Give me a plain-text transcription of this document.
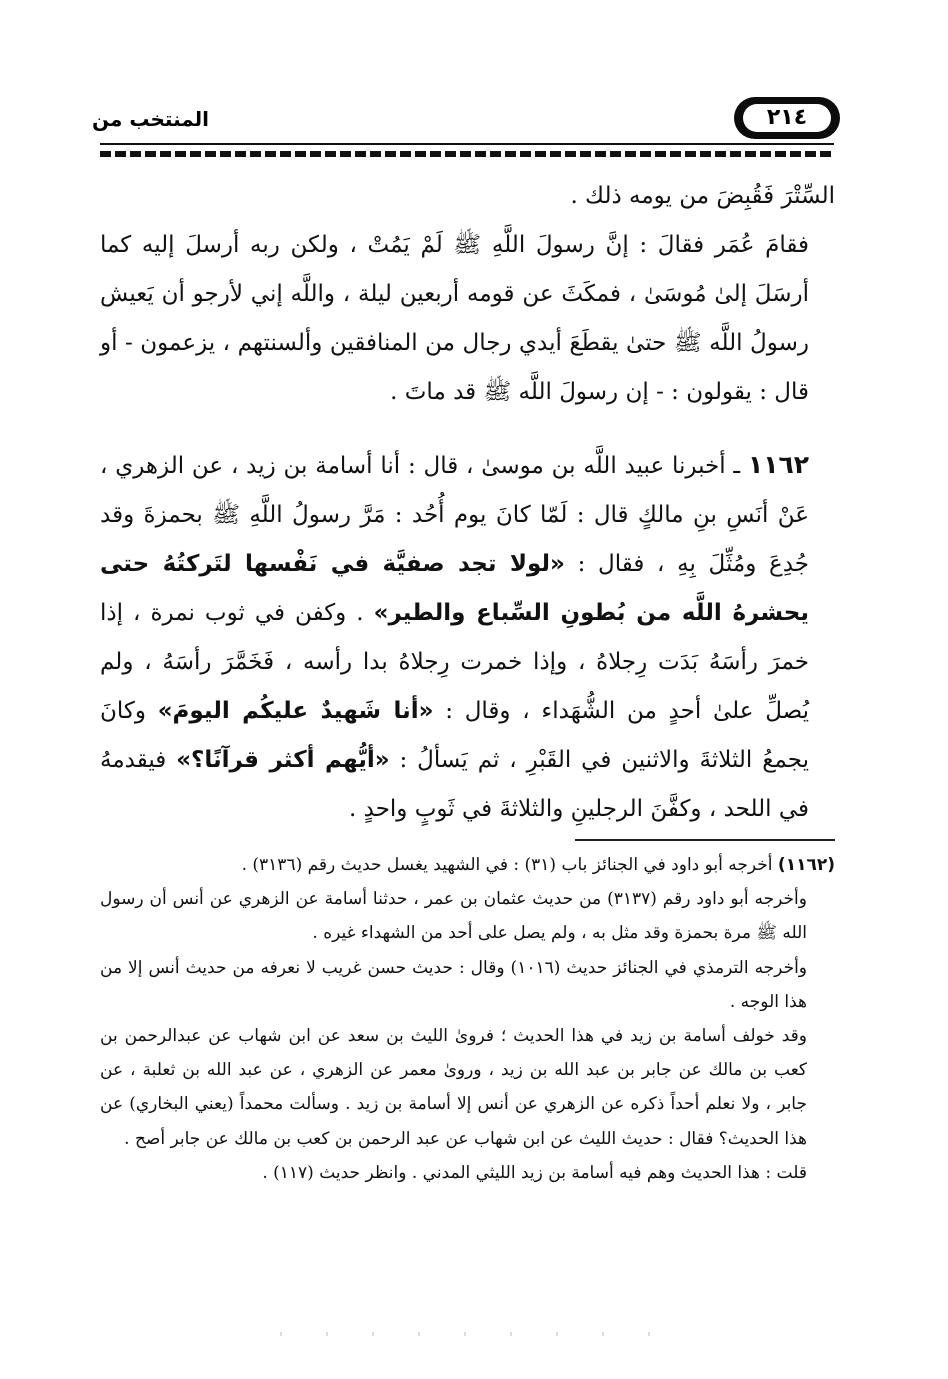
٢١٤
المنتخب من

السِّتْرَ فَقُبِضَ من يومه ذلك .

فقامَ عُمَر فقالَ : إنَّ رسولَ اللَّهِ ﷺ لَمْ يَمُتْ ، ولكن ربه أرسلَ إليه كما أرسَلَ إلىٰ مُوسَىٰ ، فمكَثَ عن قومه أربعين ليلة ، واللَّه إني لأرجو أن يَعيش رسولُ اللَّه ﷺ حتىٰ يقطَعَ أيدي رجال من المنافقين وألسنتهم ، يزعمون - أو قال : يقولون : - إن رسولَ اللَّه ﷺ قد ماتَ .

١١٦٢ ـ أخبرنا عبيد اللَّه بن موسىٰ ، قال : أنا أسامة بن زيد ، عن الزهري ، عَنْ أنَسِ بنِ مالكٍ قال : لَمّا كانَ يوم أُحُد : مَرَّ رسولُ اللَّهِ ﷺ بحمزةَ وقد جُدِعَ ومُثِّلَ بِهِ ، فقال : «لولا تجد صفيَّة في نَفْسها لتَركتُهُ حتى يحشرهُ اللَّه من بُطونِ السِّباع والطير» . وكفن في ثوب نمرة ، إذا خمرَ رأسَهُ بَدَت رِجلاهُ ، وإذا خمرت رِجلاهُ بدا رأسه ، فَخَمَّرَ رأسَهُ ، ولم يُصلِّ علىٰ أحدٍ من الشُّهَداء ، وقال : «أنا شَهيدٌ عليكُم اليومَ» وكانَ يجمعُ الثلاثةَ والاثنين في القَبْرِ ، ثم يَسألُ : «أيُّهم أكثر قرآنًا؟» فيقدمهُ في اللحد ، وكفَّنَ الرجلينِ والثلاثةَ في ثَوبٍ واحدٍ .

(١١٦٢) أخرجه أبو داود في الجنائز باب (٣١) : في الشهيد يغسل حديث رقم (٣١٣٦) .

وأخرجه أبو داود رقم (٣١٣٧) من حديث عثمان بن عمر ، حدثنا أسامة عن الزهري عن أنس أن رسول الله ﷺ مرة بحمزة وقد مثل به ، ولم يصل على أحد من الشهداء غيره .

وأخرجه الترمذي في الجنائز حديث (١٠١٦) وقال : حديث حسن غريب لا نعرفه من حديث أنس إلا من هذا الوجه .

وقد خولف أسامة بن زيد في هذا الحديث ؛ فروىٰ الليث بن سعد عن ابن شهاب عن عبدالرحمن بن كعب بن مالك عن جابر بن عبد الله بن زيد ، وروىٰ معمر عن الزهري ، عن عبد الله بن ثعلبة ، عن جابر ، ولا نعلم أحداً ذكره عن الزهري عن أنس إلا أسامة بن زيد . وسألت محمداً (يعني البخاري) عن هذا الحديث؟ فقال : حديث الليث عن ابن شهاب عن عبد الرحمن بن كعب بن مالك عن جابر أصح .

قلت : هذا الحديث وهم فيه أسامة بن زيد الليثي المدني . وانظر حديث (١١٧) .
